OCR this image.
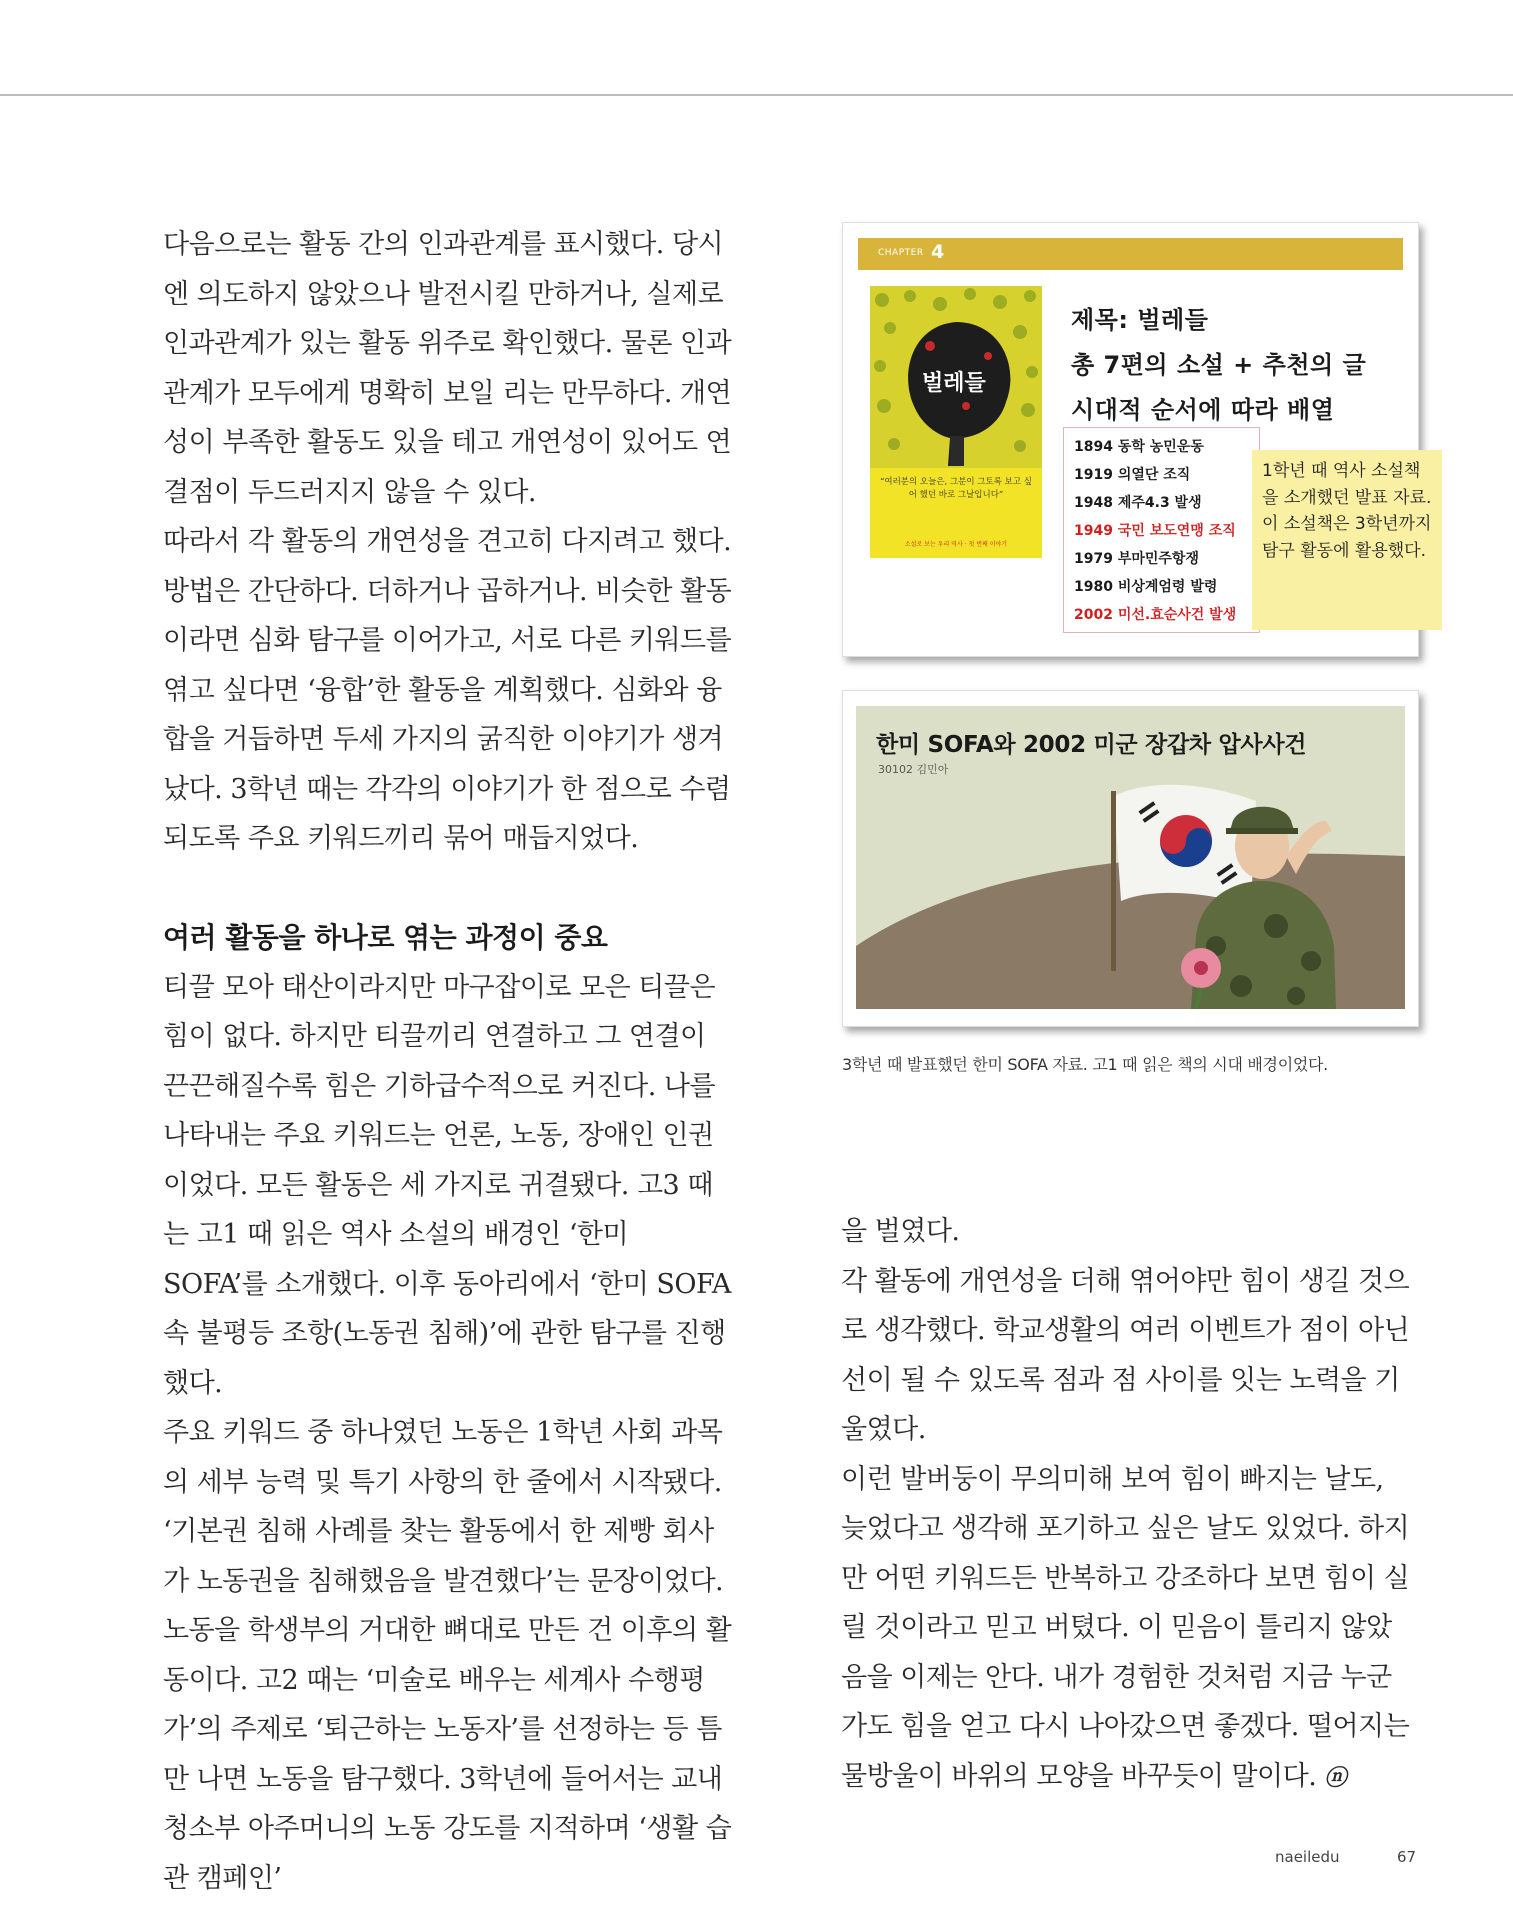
다음으로는 활동 간의 인과관계를 표시했다. 당시엔 의도하지 않았으나 발전시킬 만하거나, 실제로 인과관계가 있는 활동 위주로 확인했다. 물론 인과관계가 모두에게 명확히 보일 리는 만무하다. 개연성이 부족한 활동도 있을 테고 개연성이 있어도 연결점이 두드러지지 않을 수 있다.

따라서 각 활동의 개연성을 견고히 다지려고 했다. 방법은 간단하다. 더하거나 곱하거나. 비슷한 활동이라면 심화 탐구를 이어가고, 서로 다른 키워드를 엮고 싶다면 ‘융합’한 활동을 계획했다. 심화와 융합을 거듭하면 두세 가지의 굵직한 이야기가 생겨났다. 3학년 때는 각각의 이야기가 한 점으로 수렴되도록 주요 키워드끼리 묶어 매듭지었다.

여러 활동을 하나로 엮는 과정이 중요

티끌 모아 태산이라지만 마구잡이로 모은 티끌은 힘이 없다. 하지만 티끌끼리 연결하고 그 연결이 끈끈해질수록 힘은 기하급수적으로 커진다. 나를 나타내는 주요 키워드는 언론, 노동, 장애인 인권이었다. 모든 활동은 세 가지로 귀결됐다. 고3 때는 고1 때 읽은 역사 소설의 배경인 ‘한미 SOFA’를 소개했다. 이후 동아리에서 ‘한미 SOFA 속 불평등 조항(노동권 침해)’에 관한 탐구를 진행했다.

주요 키워드 중 하나였던 노동은 1학년 사회 과목의 세부 능력 및 특기 사항의 한 줄에서 시작됐다. ‘기본권 침해 사례를 찾는 활동에서 한 제빵 회사가 노동권을 침해했음을 발견했다’는 문장이었다. 노동을 학생부의 거대한 뼈대로 만든 건 이후의 활동이다. 고2 때는 ‘미술로 배우는 세계사 수행평가’의 주제로 ‘퇴근하는 노동자’를 선정하는 등 틈만 나면 노동을 탐구했다. 3학년에 들어서는 교내 청소부 아주머니의 노동 강도를 지적하며 ‘생활 습관 캠페인’

CHAPTER 4
벌레들
“여러분의 오늘은, 그분이 그토록 보고 싶어 했던 바로 그날입니다”
소설로 보는 우리 역사 · 첫 번째 이야기
제목: 벌레들
총 7편의 소설 + 추천의 글
시대적 순서에 따라 배열
1894 동학 농민운동
1919 의열단 조직
1948 제주4.3 발생
1949 국민 보도연맹 조직
1979 부마민주항쟁
1980 비상계엄령 발령
2002 미선.효순사건 발생
1학년 때 역사 소설책을 소개했던 발표 자료. 이 소설책은 3학년까지 탐구 활동에 활용했다.
한미 SOFA와 2002 미군 장갑차 압사사건
30102 김민아
3학년 때 발표했던 한미 SOFA 자료. 고1 때 읽은 책의 시대 배경이었다.

을 벌였다.

각 활동에 개연성을 더해 엮어야만 힘이 생길 것으로 생각했다. 학교생활의 여러 이벤트가 점이 아닌 선이 될 수 있도록 점과 점 사이를 잇는 노력을 기울였다.

이런 발버둥이 무의미해 보여 힘이 빠지는 날도, 늦었다고 생각해 포기하고 싶은 날도 있었다. 하지만 어떤 키워드든 반복하고 강조하다 보면 힘이 실릴 것이라고 믿고 버텼다. 이 믿음이 틀리지 않았음을 이제는 안다. 내가 경험한 것처럼 지금 누군가도 힘을 얻고 다시 나아갔으면 좋겠다. 떨어지는 물방울이 바위의 모양을 바꾸듯이 말이다. ⓝ

naeiledu	67
